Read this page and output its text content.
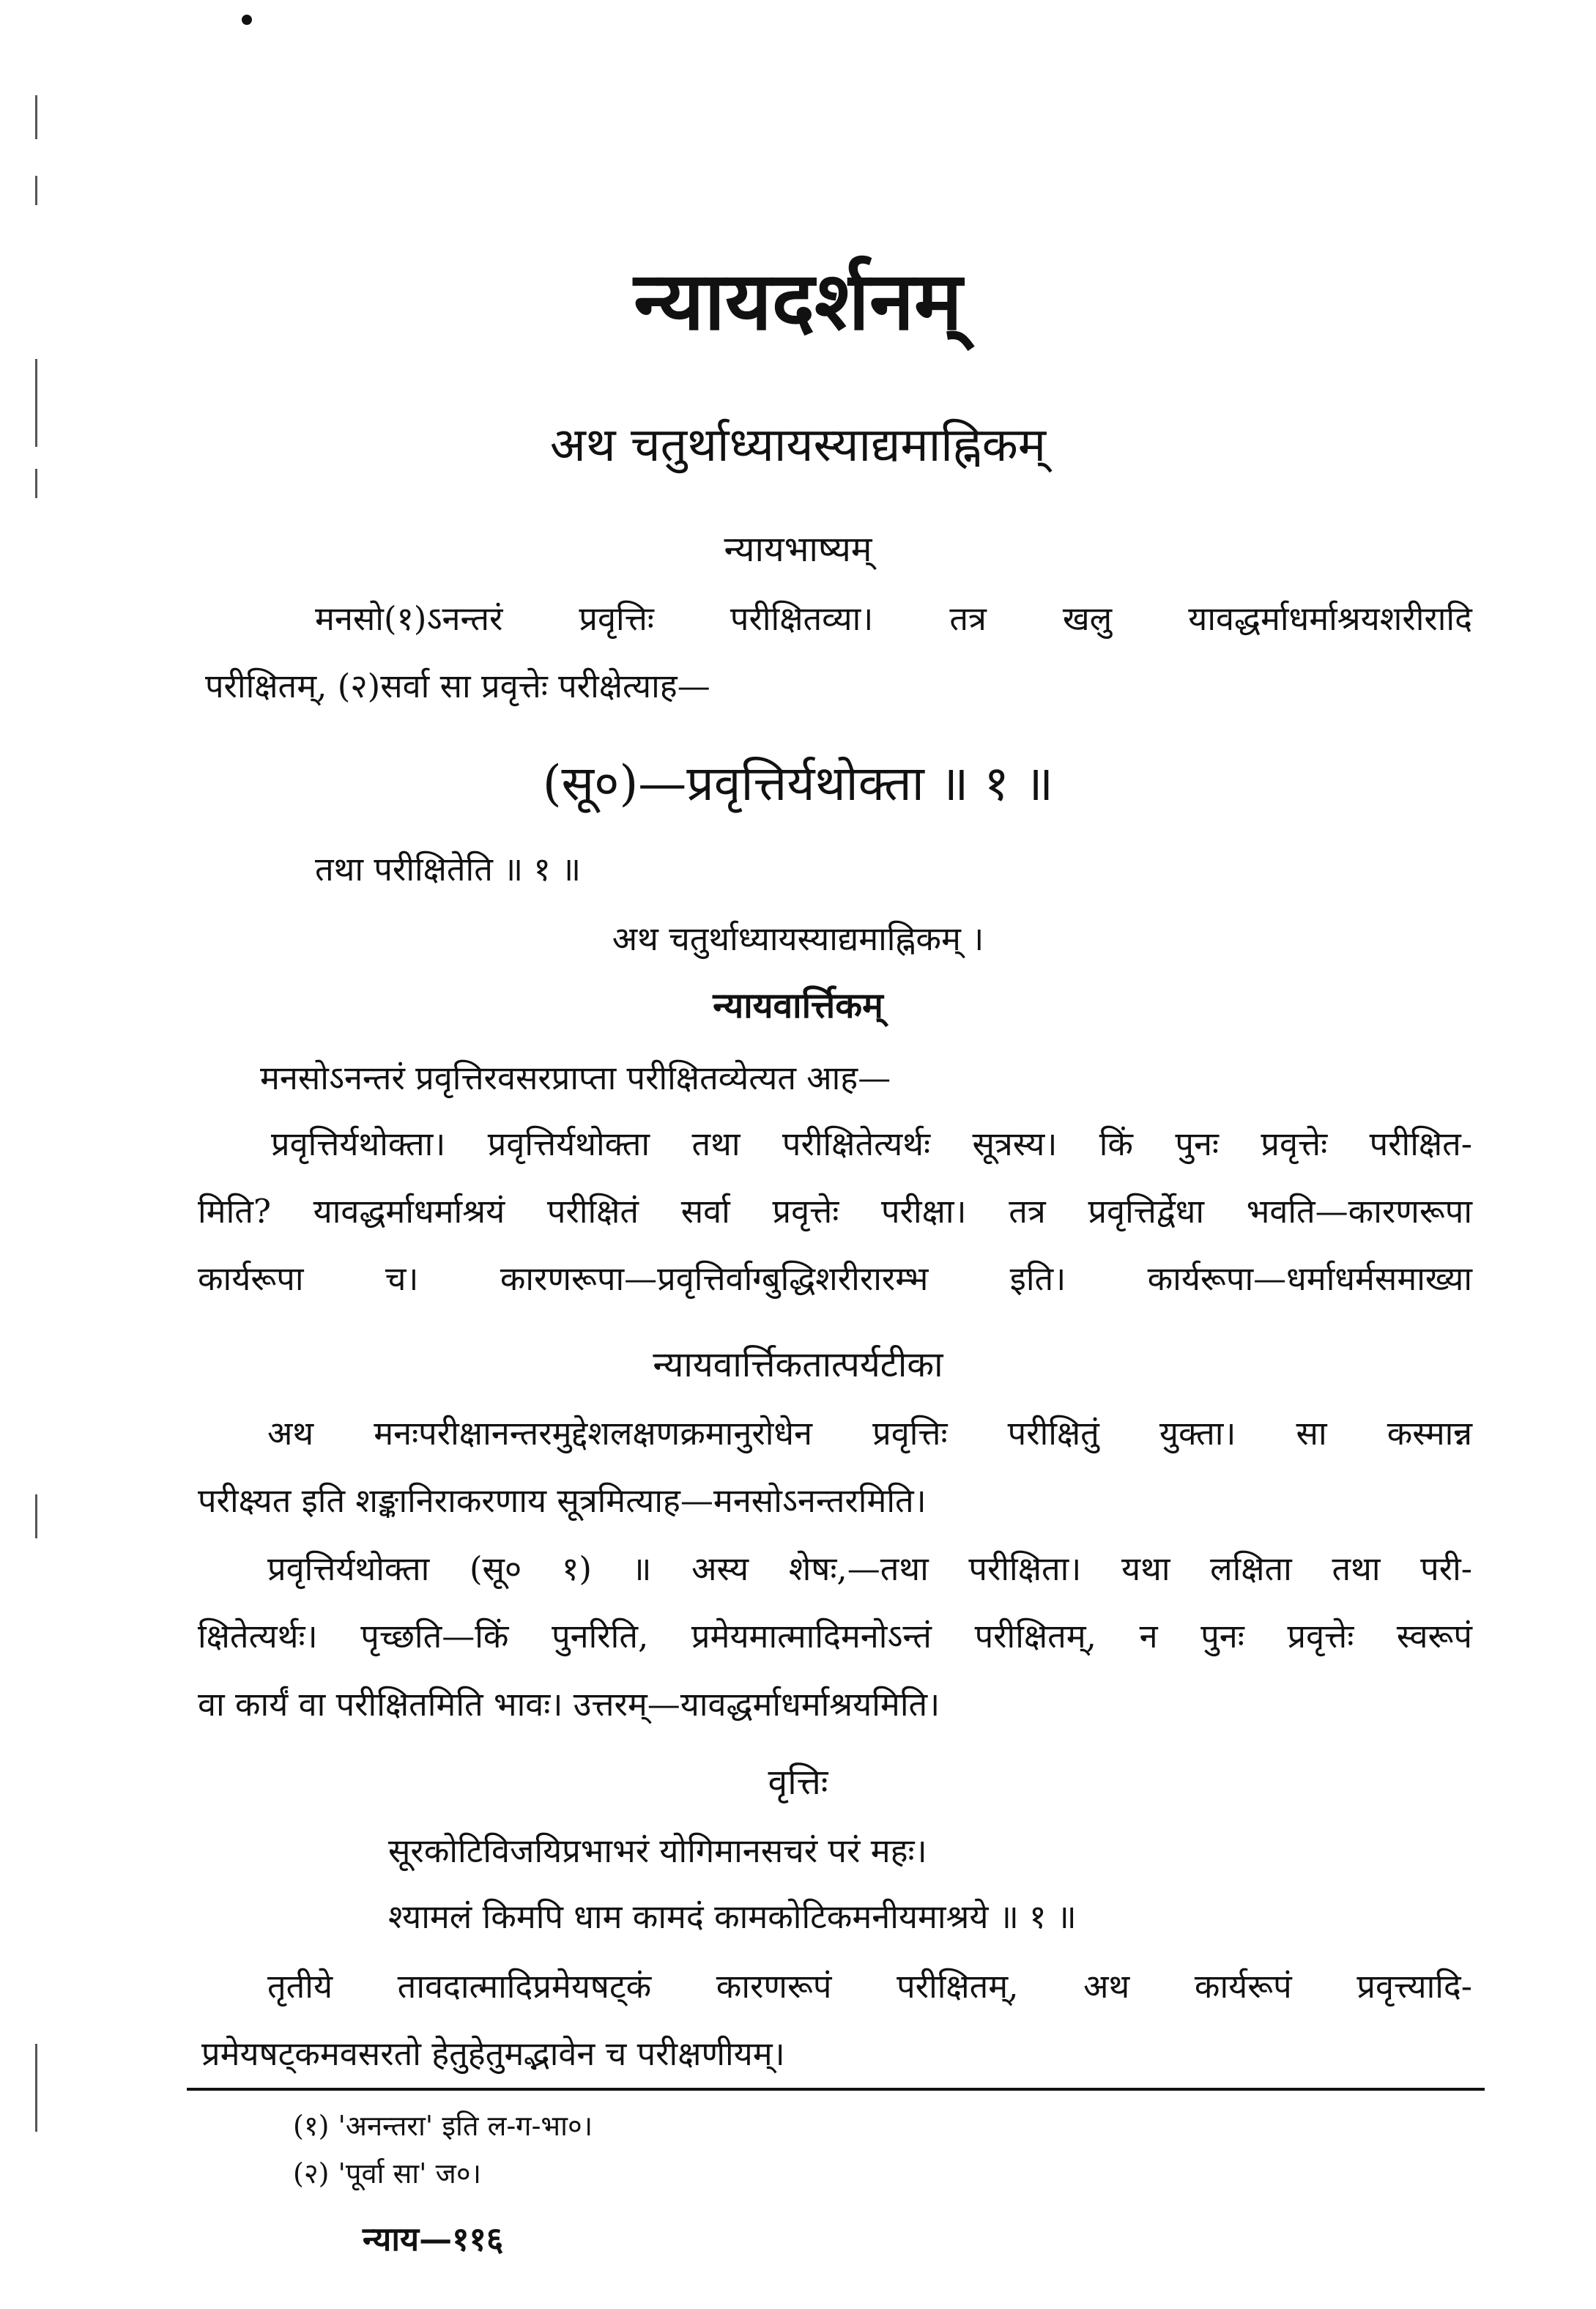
न्यायदर्शनम्
अथ चतुर्थाध्यायस्याद्यमाह्निकम्
न्यायभाष्यम्
मनसो(१)ऽनन्तरं प्रवृत्तिः परीक्षितव्या। तत्र खलु यावद्धर्माधर्माश्रयशरीरादि
परीक्षितम्, (२)सर्वा सा प्रवृत्तेः परीक्षेत्याह—
(सू०)—प्रवृत्तिर्यथोक्ता ॥ १ ॥
तथा परीक्षितेति ॥ १ ॥
अथ चतुर्थाध्यायस्याद्यमाह्निकम् ।
न्यायवार्त्तिकम्
मनसोऽनन्तरं प्रवृत्तिरवसरप्राप्ता परीक्षितव्येत्यत आह—
प्रवृत्तिर्यथोक्ता। प्रवृत्तिर्यथोक्ता तथा परीक्षितेत्यर्थः सूत्रस्य। किं पुनः प्रवृत्तेः परीक्षित-
मिति? यावद्धर्माधर्माश्रयं परीक्षितं सर्वा प्रवृत्तेः परीक्षा। तत्र प्रवृत्तिर्द्वेधा भवति—कारणरूपा
कार्यरूपा च। कारणरूपा—प्रवृत्तिर्वाग्बुद्धिशरीरारम्भ इति। कार्यरूपा—धर्माधर्मसमाख्या
न्यायवार्त्तिकतात्पर्यटीका
अथ मनःपरीक्षानन्तरमुद्देशलक्षणक्रमानुरोधेन प्रवृत्तिः परीक्षितुं युक्ता। सा कस्मान्न
परीक्ष्यत इति शङ्कानिराकरणाय सूत्रमित्याह—मनसोऽनन्तरमिति।
प्रवृत्तिर्यथोक्ता (सू० १) ॥ अस्य शेषः,—तथा परीक्षिता। यथा लक्षिता तथा परी-
क्षितेत्यर्थः। पृच्छति—किं पुनरिति, प्रमेयमात्मादिमनोऽन्तं परीक्षितम्, न पुनः प्रवृत्तेः स्वरूपं
वा कार्यं वा परीक्षितमिति भावः। उत्तरम्—यावद्धर्माधर्माश्रयमिति।
वृत्तिः
सूरकोटिविजयिप्रभाभरं योगिमानसचरं परं महः।
श्यामलं किमपि धाम कामदं कामकोटिकमनीयमाश्रये ॥ १ ॥
तृतीये तावदात्मादिप्रमेयषट्कं कारणरूपं परीक्षितम्, अथ कार्यरूपं प्रवृत्त्यादि-
प्रमेयषट्कमवसरतो हेतुहेतुमद्भावेन च परीक्षणीयम्।
(१) 'अनन्तरा' इति ल-ग-भा०।
(२) 'पूर्वा सा' ज०।
न्याय—११६
